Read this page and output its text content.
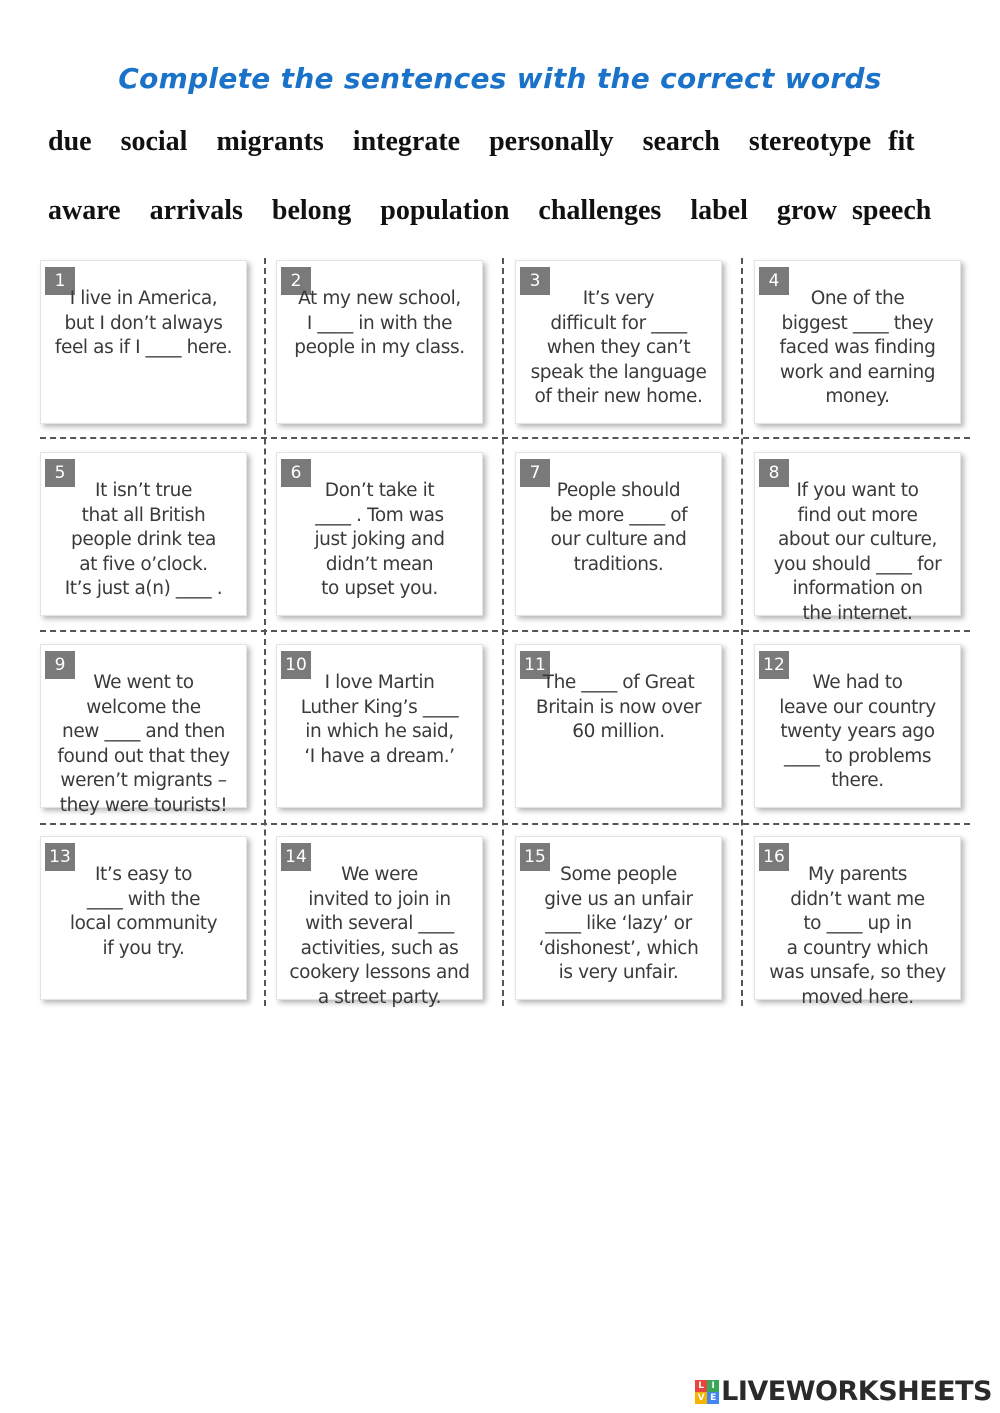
Complete the sentences with the correct words
due social migrants integrate personally search stereotype fit
aware arrivals belong population challenges label grow speech
1
I live in America,
but I don’t always
feel as if I ____ here.
2
At my new school,
I ____ in with the
people in my class.
3
It’s very
difficult for ____
when they can’t
speak the language
of their new home.
4
One of the
biggest ____ they
faced was finding
work and earning
money.
5
It isn’t true
that all British
people drink tea
at five o’clock.
It’s just a(n) ____ .
6
Don’t take it
____ . Tom was
just joking and
didn’t mean
to upset you.
7
People should
be more ____ of
our culture and
traditions.
8
If you want to
find out more
about our culture,
you should ____ for
information on
the internet.
9
We went to
welcome the
new ____ and then
found out that they
weren’t migrants –
they were tourists!
10
I love Martin
Luther King’s ____
in which he said,
‘I have a dream.’
11
The ____ of Great
Britain is now over
60 million.
12
We had to
leave our country
twenty years ago
____ to problems
there.
13
It’s easy to
____ with the
local community
if you try.
14
We were
invited to join in
with several ____
activities, such as
cookery lessons and
a street party.
15
Some people
give us an unfair
____ like ‘lazy’ or
‘dishonest’, which
is very unfair.
16
My parents
didn’t want me
to ____ up in
a country which
was unsafe, so they
moved here.
L I
V E LIVEWORKSHEETS
